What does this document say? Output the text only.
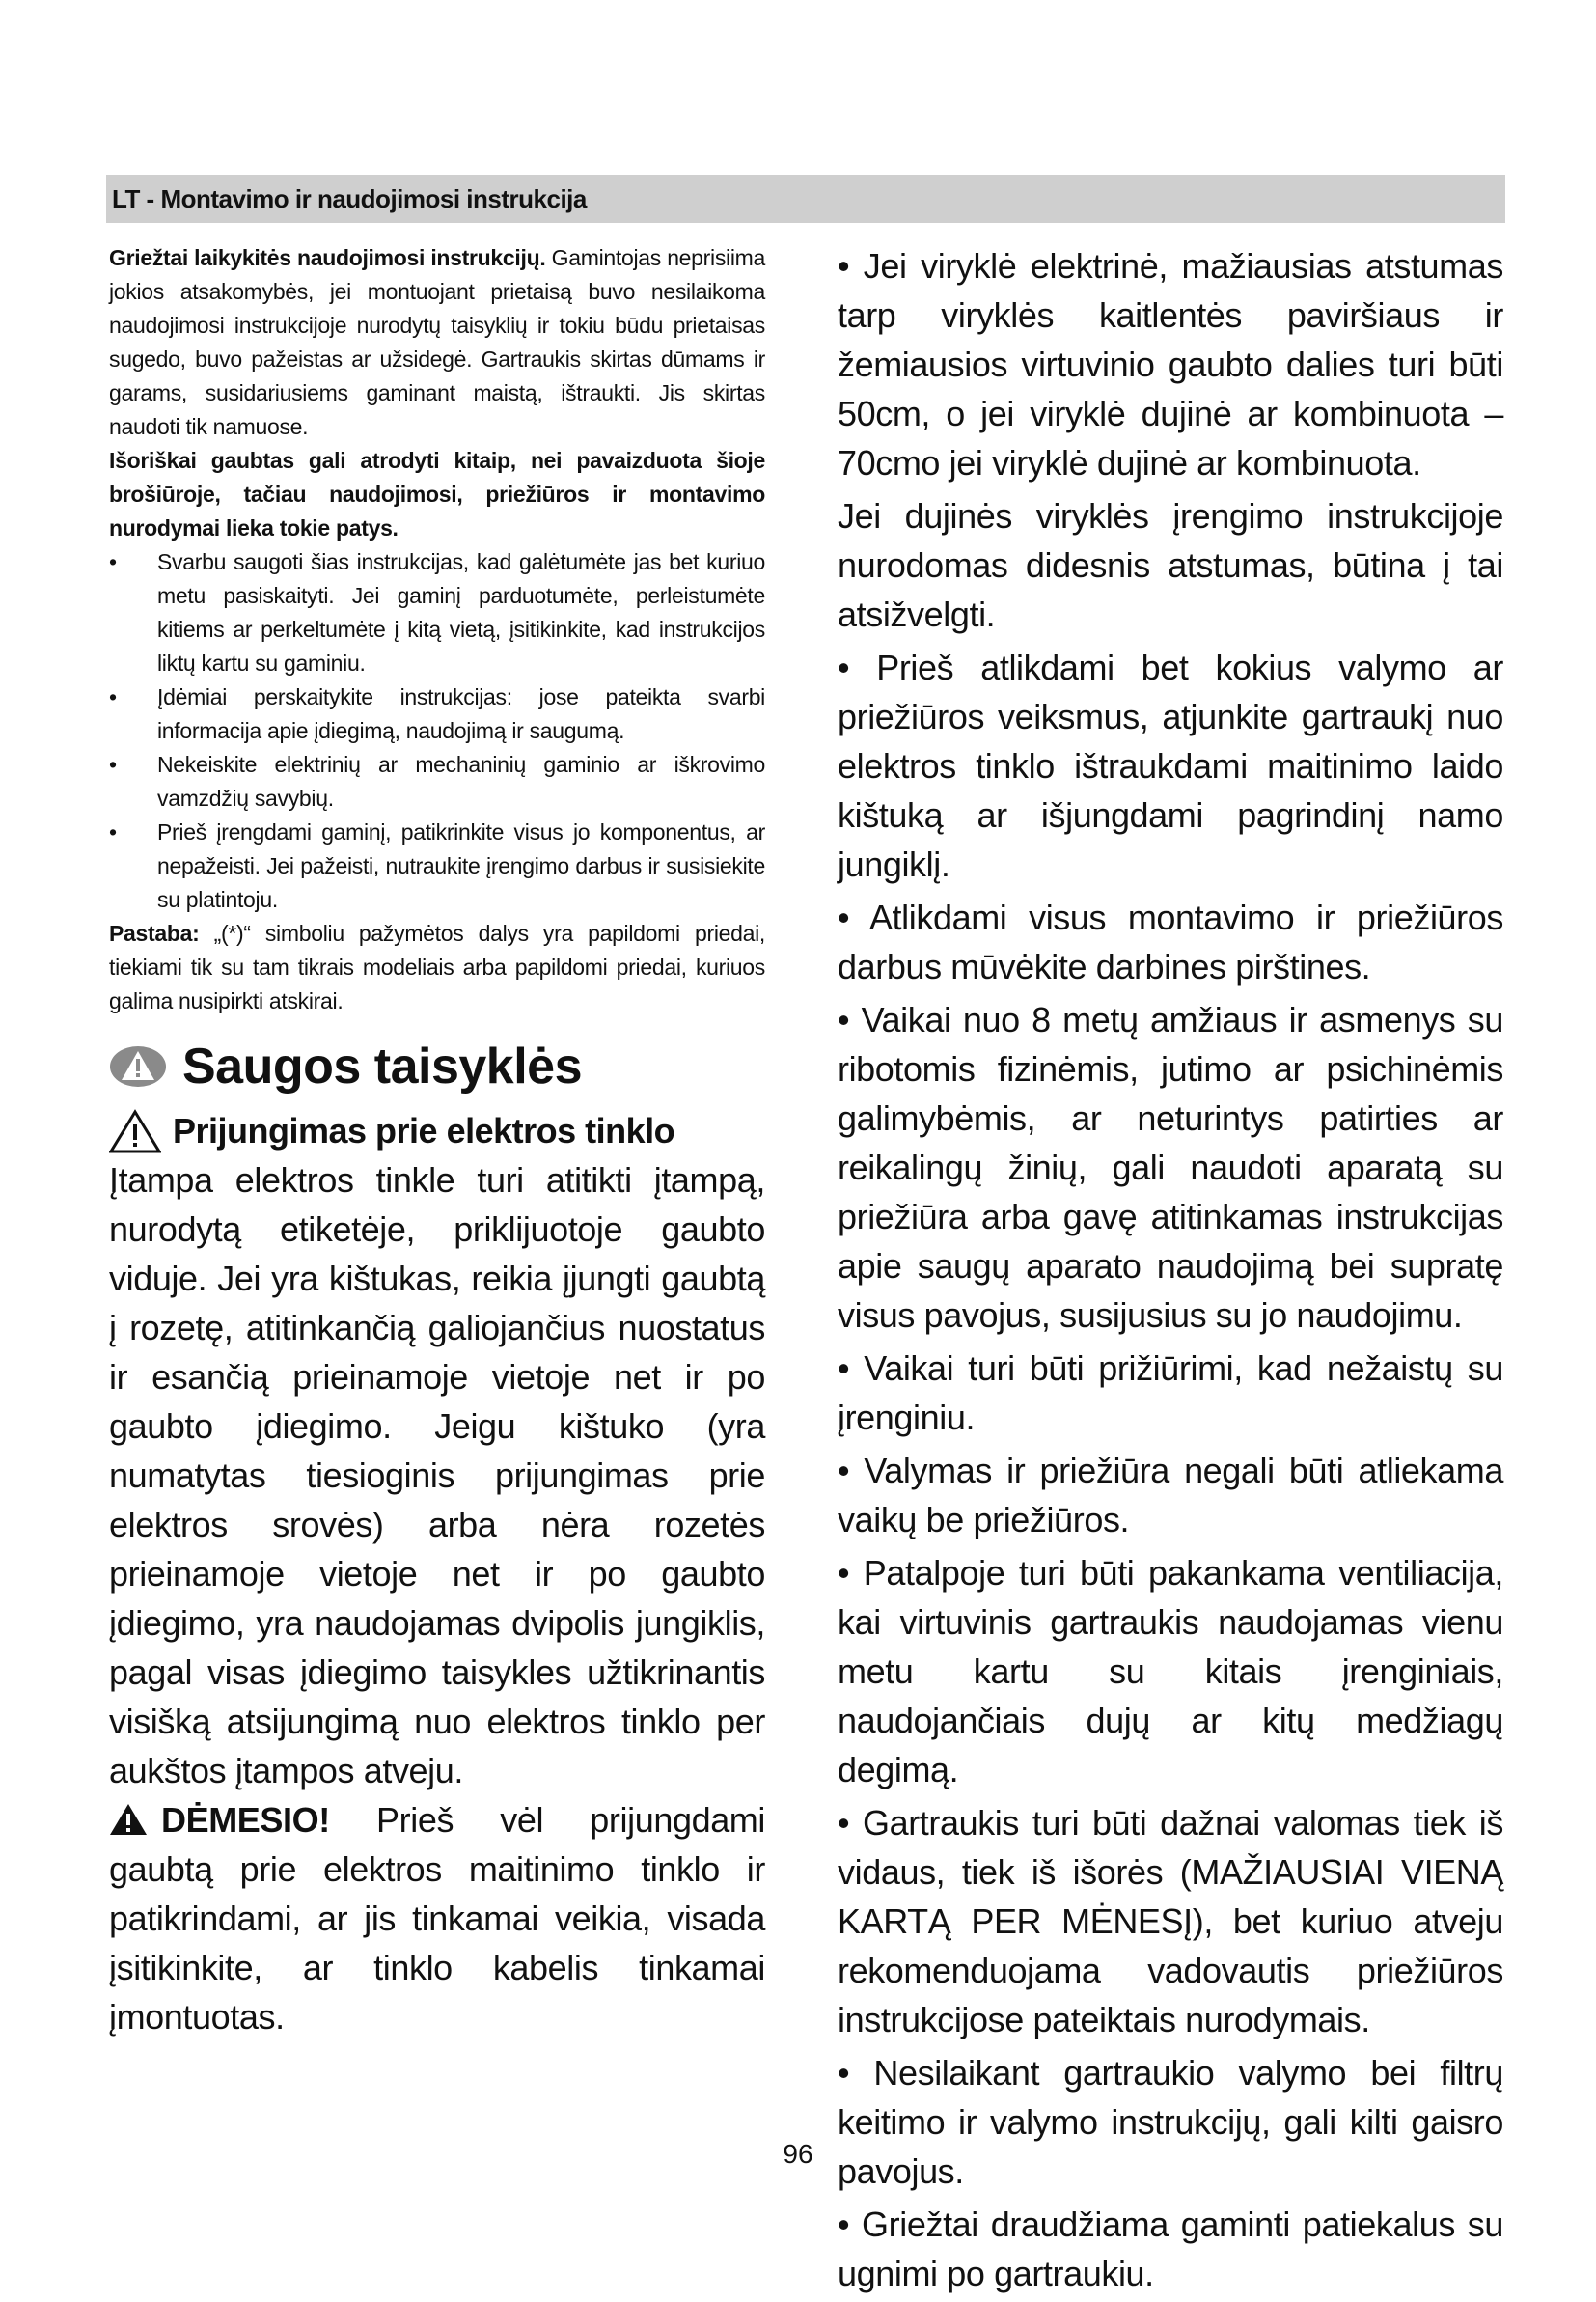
LT - Montavimo ir naudojimosi instrukcija

Griežtai laikykitės naudojimosi instrukcijų. Gamintojas neprisiima jokios atsakomybės, jei montuojant prietaisą buvo nesilaikoma naudojimosi instrukcijoje nurodytų taisyklių ir tokiu būdu prietaisas sugedo, buvo pažeistas ar užsidegė. Gartraukis skirtas dūmams ir garams, susidariusiems gaminant maistą, ištraukti. Jis skirtas naudoti tik namuose.

Išoriškai gaubtas gali atrodyti kitaip, nei pavaizduota šioje brošiūroje, tačiau naudojimosi, priežiūros ir montavimo nurodymai lieka tokie patys.

• Svarbu saugoti šias instrukcijas, kad galėtumėte jas bet kuriuo metu pasiskaityti. Jei gaminį parduotumėte, perleistumėte kitiems ar perkeltumėte į kitą vietą, įsitikinkite, kad instrukcijos liktų kartu su gaminiu.
• Įdėmiai perskaitykite instrukcijas: jose pateikta svarbi informacija apie įdiegimą, naudojimą ir saugumą.
• Nekeiskite elektrinių ar mechaninių gaminio ar iškrovimo vamzdžių savybių.
• Prieš įrengdami gaminį, patikrinkite visus jo komponentus, ar nepažeisti. Jei pažeisti, nutraukite įrengimo darbus ir susisiekite su platintoju.

Pastaba: „(*)“ simboliu pažymėtos dalys yra papildomi priedai, tiekiami tik su tam tikrais modeliais arba papildomi priedai, kuriuos galima nusipirkti atskirai.

Saugos taisyklės
Prijungimas prie elektros tinklo

Įtampa elektros tinkle turi atitikti įtampą, nurodytą etiketėje, priklijuotoje gaubto viduje. Jei yra kištukas, reikia įjungti gaubtą į rozetę, atitinkančią galiojančius nuostatus ir esančią prieinamoje vietoje net ir po gaubto įdiegimo. Jeigu kištuko (yra numatytas tiesioginis prijungimas prie elektros srovės) arba nėra rozetės prieinamoje vietoje net ir po gaubto įdiegimo, yra naudojamas dvipolis jungiklis, pagal visas įdiegimo taisykles užtikrinantis visišką atsijungimą nuo elektros tinklo per aukštos įtampos atveju.

DĖMESIO! Prieš vėl prijungdami gaubtą prie elektros maitinimo tinklo ir patikrindami, ar jis tinkamai veikia, visada įsitikinkite, ar tinklo kabelis tinkamai įmontuotas.

• Jei viryklė elektrinė, mažiausias atstumas tarp viryklės kaitlentės paviršiaus ir žemiausios virtuvinio gaubto dalies turi būti 50cm, o jei viryklė dujinė ar kombinuota – 70cmo jei viryklė dujinė ar kombinuota.

Jei dujinės viryklės įrengimo instrukcijoje nurodomas didesnis atstumas, būtina į tai atsižvelgti.

• Prieš atlikdami bet kokius valymo ar priežiūros veiksmus, atjunkite gartraukį nuo elektros tinklo ištraukdami maitinimo laido kištuką ar išjungdami pagrindinį namo jungiklį.

• Atlikdami visus montavimo ir priežiūros darbus mūvėkite darbines pirštines.

• Vaikai nuo 8 metų amžiaus ir asmenys su ribotomis fizinėmis, jutimo ar psichinėmis galimybėmis, ar neturintys patirties ar reikalingų žinių, gali naudoti aparatą su priežiūra arba gavę atitinkamas instrukcijas apie saugų aparato naudojimą bei supratę visus pavojus, susijusius su jo naudojimu.

• Vaikai turi būti prižiūrimi, kad nežaistų su įrenginiu.

• Valymas ir priežiūra negali būti atliekama vaikų be priežiūros.

• Patalpoje turi būti pakankama ventiliacija, kai virtuvinis gartraukis naudojamas vienu metu kartu su kitais įrenginiais, naudojančiais dujų ar kitų medžiagų degimą.

• Gartraukis turi būti dažnai valomas tiek iš vidaus, tiek iš išorės (MAŽIAUSIAI VIENĄ KARTĄ PER MĖNESĮ), bet kuriuo atveju rekomenduojama vadovautis priežiūros instrukcijose pateiktais nurodymais.

• Nesilaikant gartraukio valymo bei filtrų keitimo ir valymo instrukcijų, gali kilti gaisro pavojus.

• Griežtai draudžiama gaminti patiekalus su ugnimi po gartraukiu.

96
